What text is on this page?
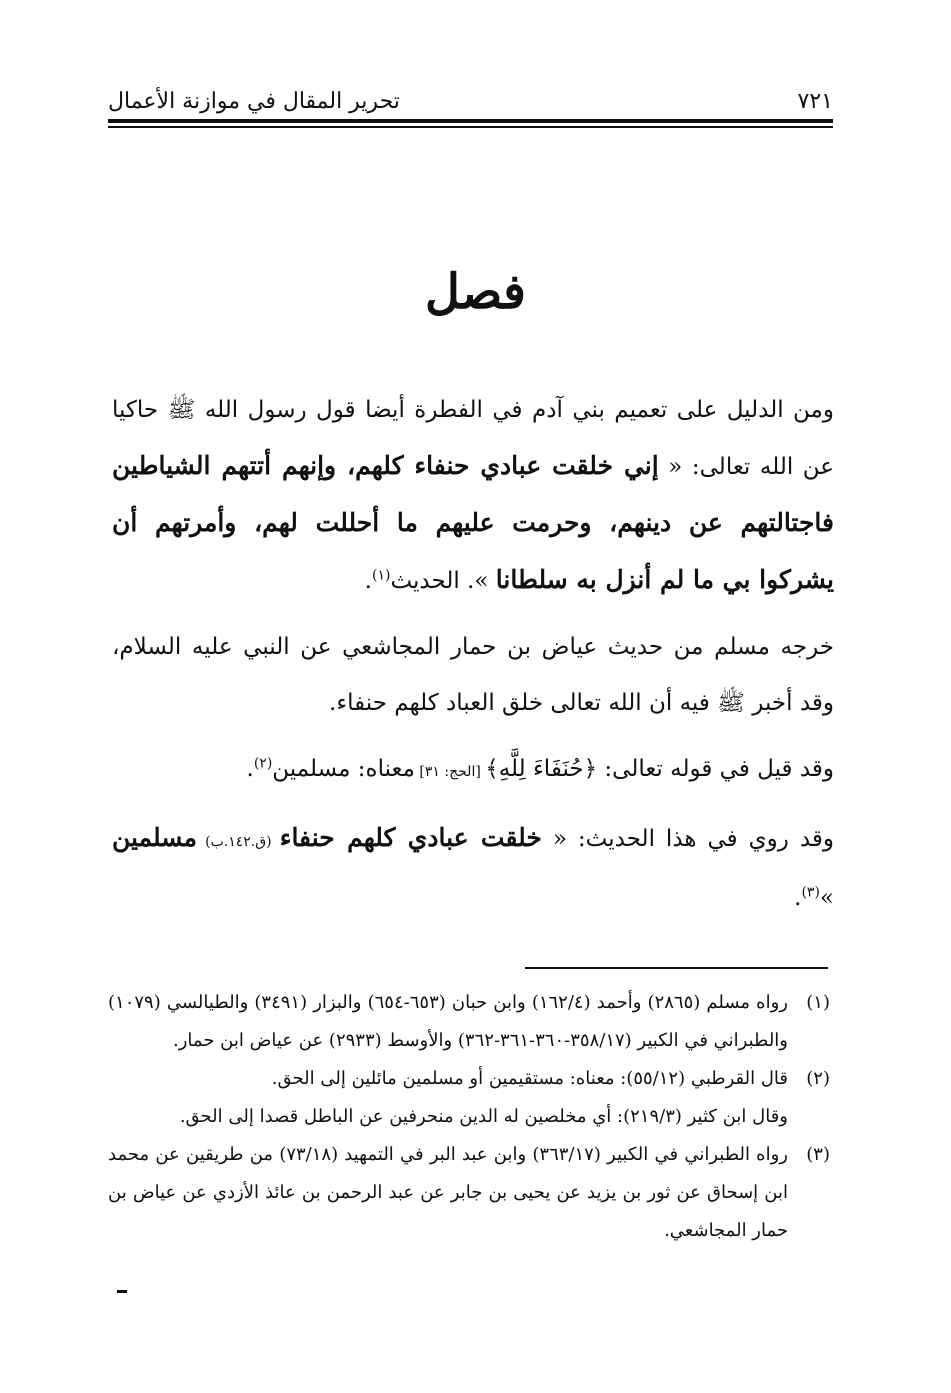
٧٢١
تحرير المقال في موازنة الأعمال
فصل

ومن الدليل على تعميم بني آدم في الفطرة أيضا قول رسول الله ﷺ حاكيا عن الله تعالى: « إني خلقت عبادي حنفاء كلهم، وإنهم أتتهم الشياطين فاجتالتهم عن دينهم، وحرمت عليهم ما أحللت لهم، وأمرتهم أن يشركوا بي ما لم أنزل به سلطانا ». الحديث$^{(١)}$.

خرجه مسلم من حديث عياض بن حمار المجاشعي عن النبي عليه السلام، وقد أخبر ﷺ فيه أن الله تعالى خلق العباد كلهم حنفاء.

وقد قيل في قوله تعالى: ﴿حُنَفَاءَ لِلَّهِ﴾ [الحج: ٣١] معناه: مسلمين$^{(٢)}$.

وقد روي في هذا الحديث: « خلقت عبادي كلهم حنفاء (ق.١٤٢.ب) مسلمين »$^{(٣)}$.

(١)
رواه مسلم (٢٨٦٥) وأحمد (١٦٢/٤) وابن حبان (٦٥٣-٦٥٤) والبزار (٣٤٩١) والطيالسي (١٠٧٩) والطبراني في الكبير (٣٥٨/١٧-٣٦٠-٣٦١-٣٦٢) والأوسط (٢٩٣٣) عن عياض ابن حمار.
(٢)
قال القرطبي (٥٥/١٢): معناه: مستقيمين أو مسلمين مائلين إلى الحق.
وقال ابن كثير (٢١٩/٣): أي مخلصين له الدين منحرفين عن الباطل قصدا إلى الحق.
(٣)
رواه الطبراني في الكبير (٣٦٣/١٧) وابن عبد البر في التمهيد (٧٣/١٨) من طريقين عن محمد ابن إسحاق عن ثور بن يزيد عن يحيى بن جابر عن عبد الرحمن بن عائذ الأزدي عن عياض بن حمار المجاشعي.
